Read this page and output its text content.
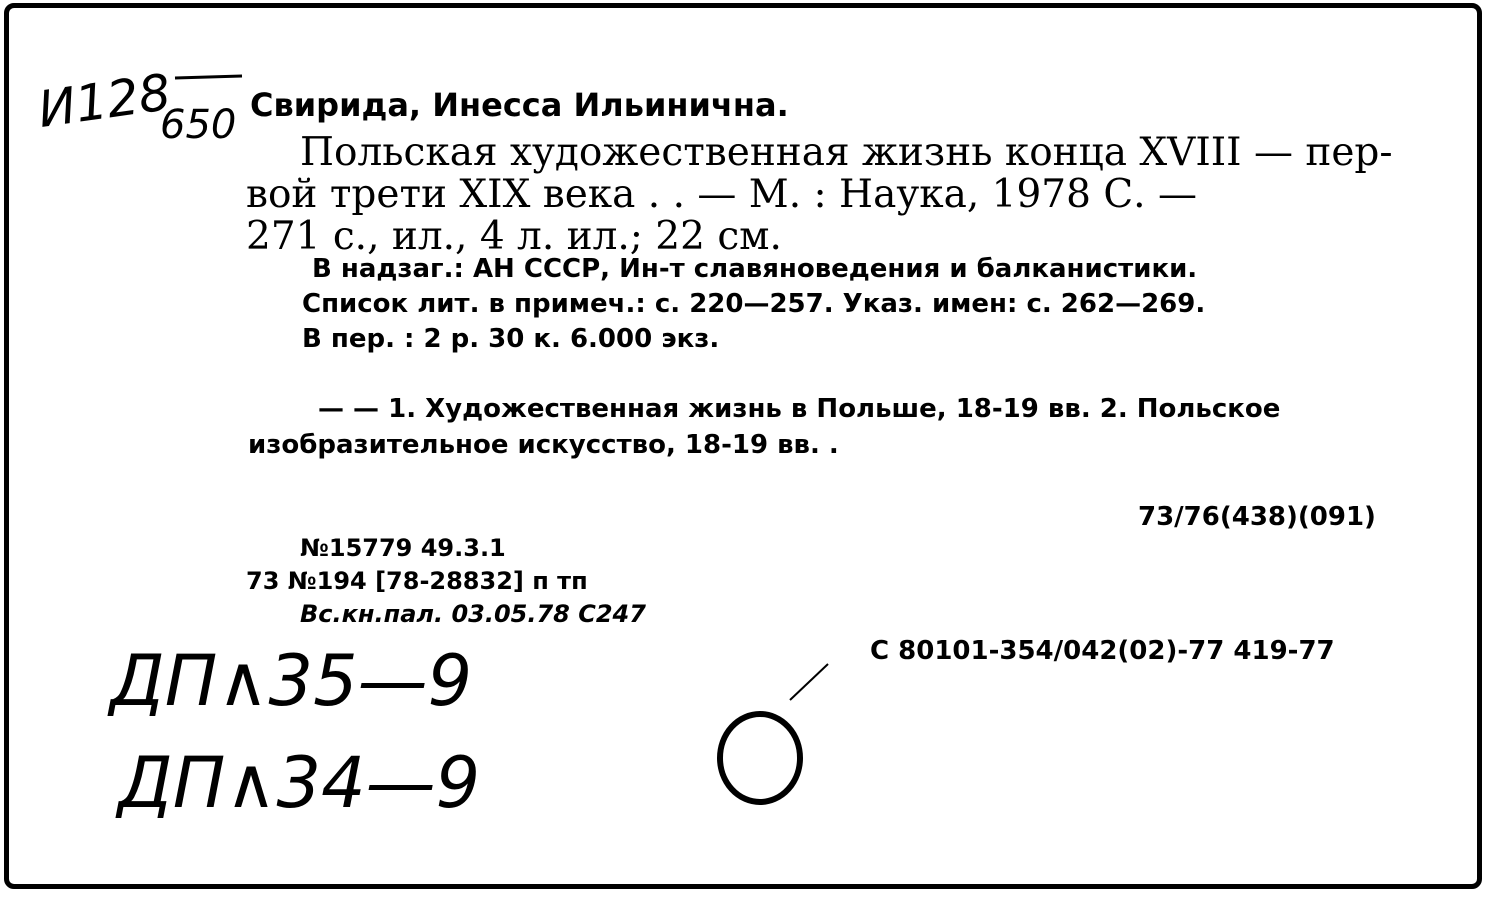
И128
650 Свирида, Инесса Ильинична.
Польская художественная жизнь конца XVIII — пер-
вой трети XIX века . . — М. : Наука, 1978 С. —
271 с., ил., 4 л. ил.; 22 см.
В надзаг.: АН СССР, Ин-т славяноведения и балканистики.
Список лит. в примеч.: с. 220—257. Указ. имен: с. 262—269.
В пер. : 2 р. 30 к. 6.000 экз.
— — 1. Художественная жизнь в Польше, 18-19 вв. 2. Польское
изобразительное искусство, 18-19 вв. .
73/76(438)(091)
№15779 49.3.1
73 №194 [78-28832] п тп
Вс.кн.пал. 03.05.78 С247
С 80101-354/042(02)-77 419-77
ДП∧35—9
ДП∧34—9
